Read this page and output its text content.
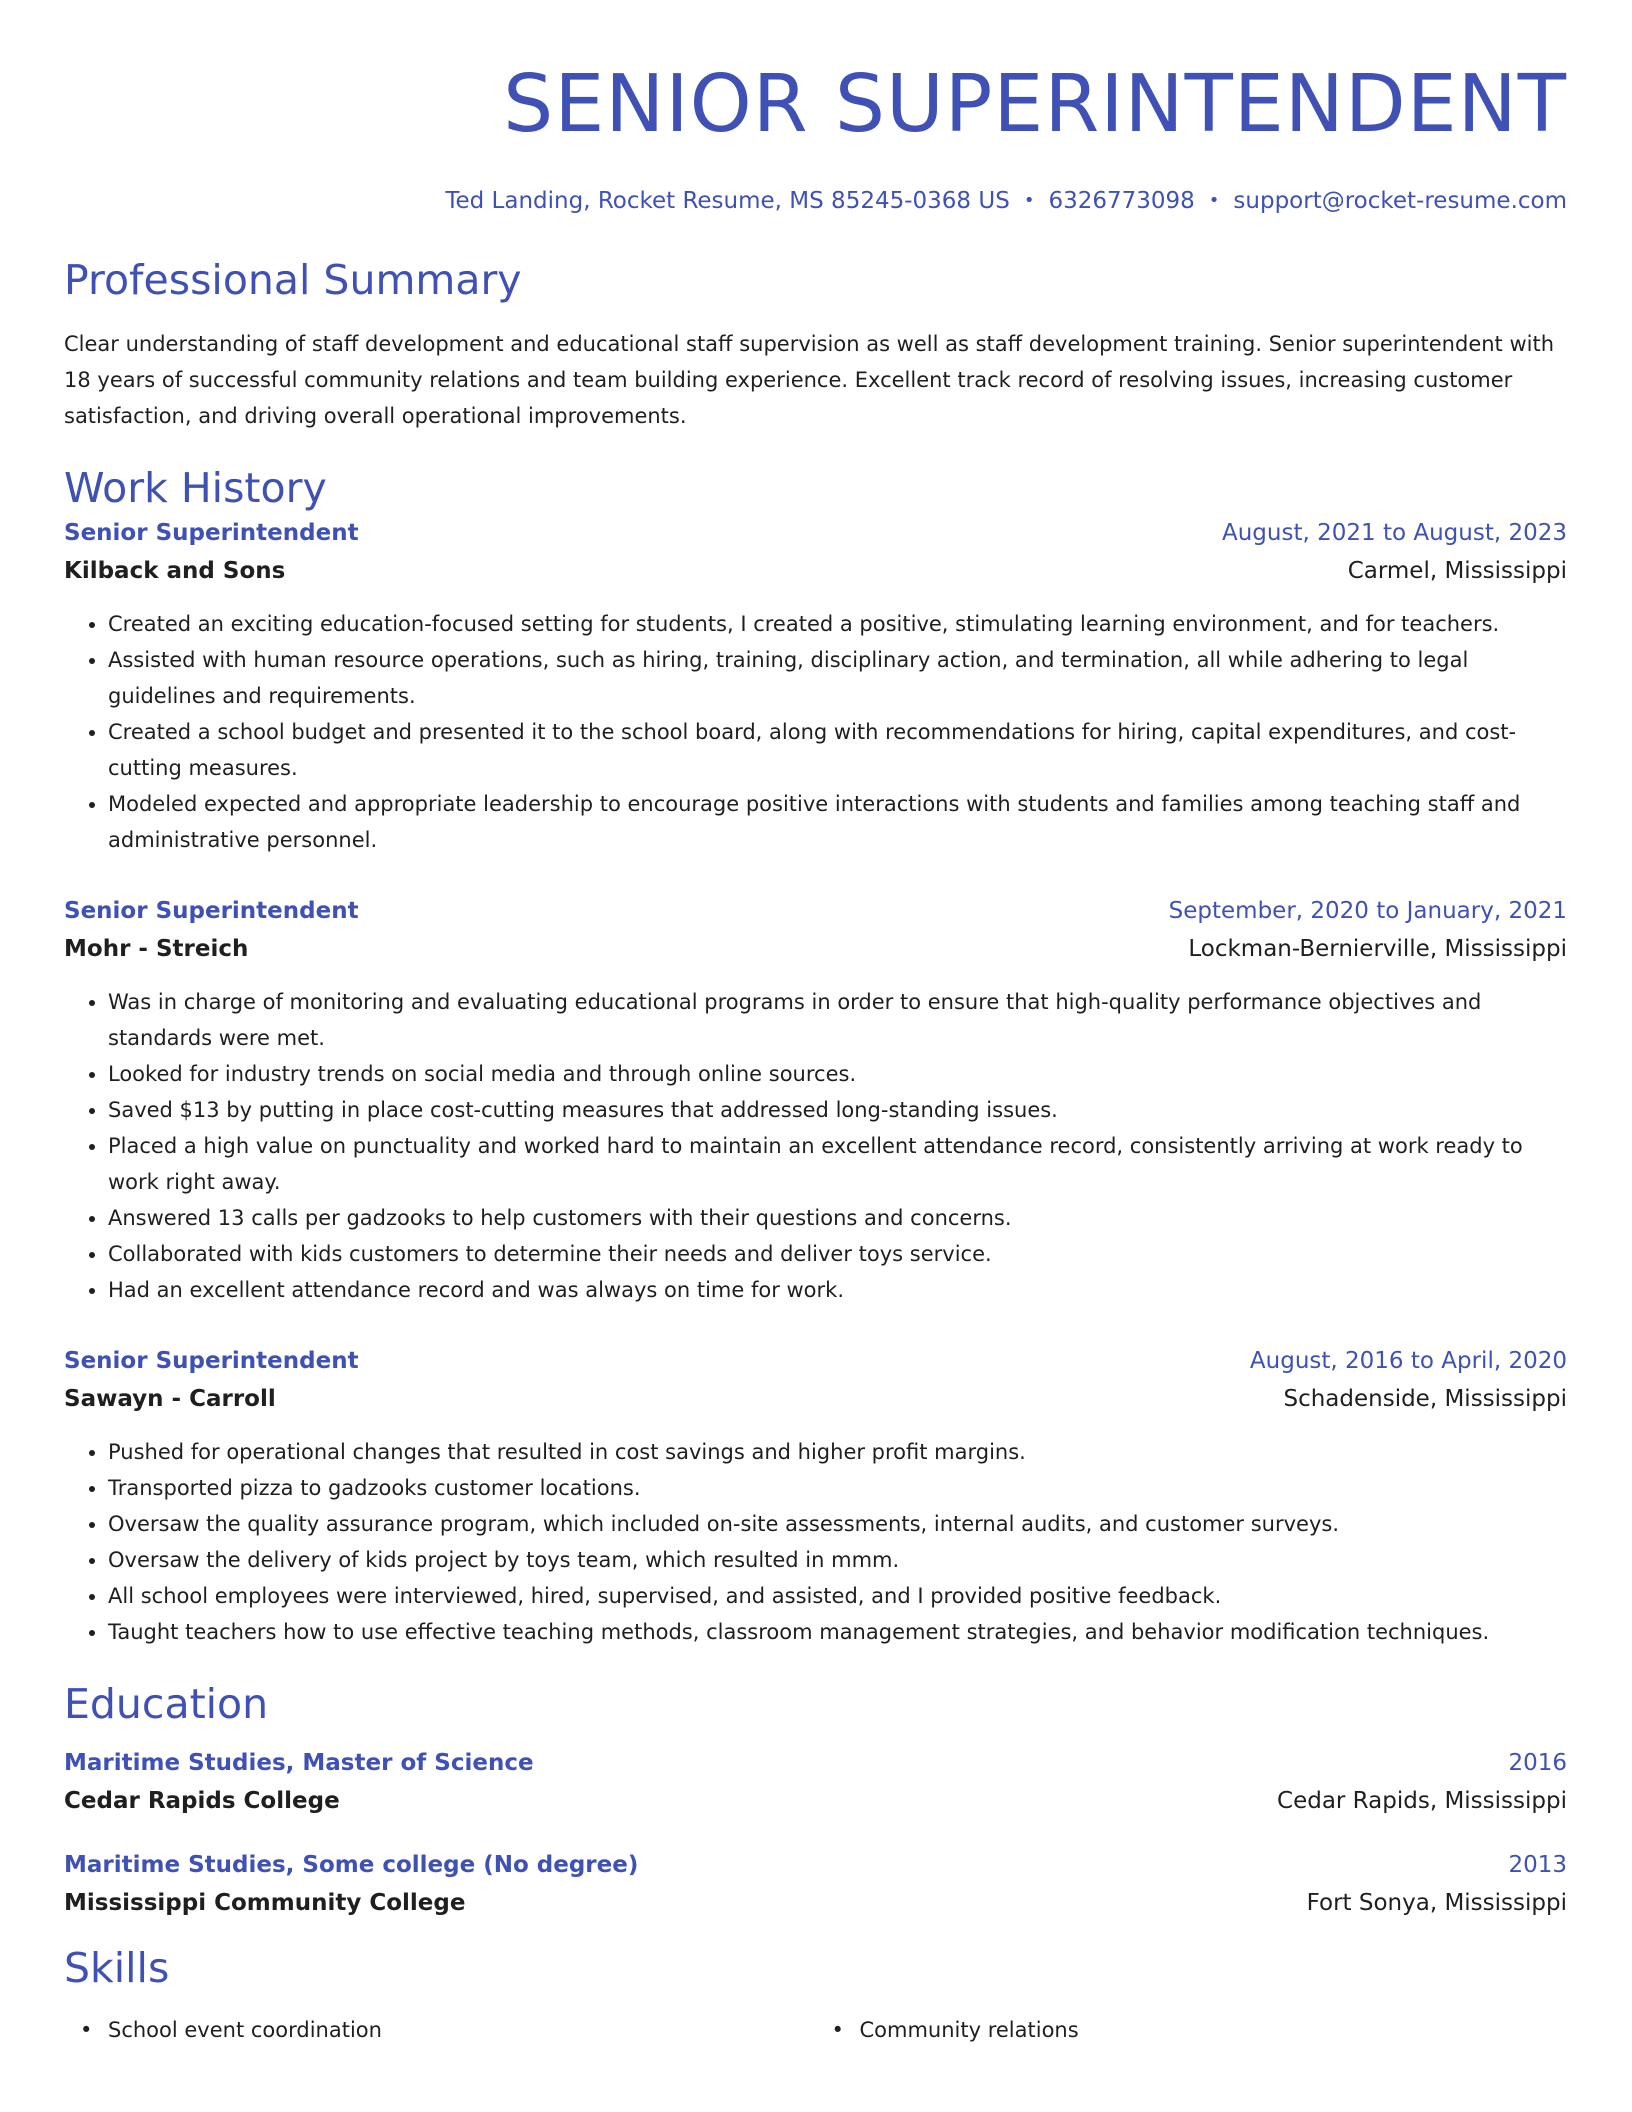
SENIOR SUPERINTENDENT
Ted Landing, Rocket Resume, MS 85245-0368 US • 6326773098 • support@rocket-resume.com
Professional Summary

Clear understanding of staff development and educational staff supervision as well as staff development training. Senior superintendent with 18 years of successful community relations and team building experience. Excellent track record of resolving issues, increasing customer satisfaction, and driving overall operational improvements.

Work History
Senior Superintendent	August, 2021 to August, 2023
Kilback and Sons	Carmel, Mississippi
• Created an exciting education-focused setting for students, I created a positive, stimulating learning environment, and for teachers.
• Assisted with human resource operations, such as hiring, training, disciplinary action, and termination, all while adhering to legal guidelines and requirements.
• Created a school budget and presented it to the school board, along with recommendations for hiring, capital expenditures, and cost-cutting measures.
• Modeled expected and appropriate leadership to encourage positive interactions with students and families among teaching staff and administrative personnel.
Senior Superintendent	September, 2020 to January, 2021
Mohr - Streich	Lockman-Bernierville, Mississippi
• Was in charge of monitoring and evaluating educational programs in order to ensure that high-quality performance objectives and standards were met.
• Looked for industry trends on social media and through online sources.
• Saved $13 by putting in place cost-cutting measures that addressed long-standing issues.
• Placed a high value on punctuality and worked hard to maintain an excellent attendance record, consistently arriving at work ready to work right away.
• Answered 13 calls per gadzooks to help customers with their questions and concerns.
• Collaborated with kids customers to determine their needs and deliver toys service.
• Had an excellent attendance record and was always on time for work.
Senior Superintendent	August, 2016 to April, 2020
Sawayn - Carroll	Schadenside, Mississippi
• Pushed for operational changes that resulted in cost savings and higher profit margins.
• Transported pizza to gadzooks customer locations.
• Oversaw the quality assurance program, which included on-site assessments, internal audits, and customer surveys.
• Oversaw the delivery of kids project by toys team, which resulted in mmm.
• All school employees were interviewed, hired, supervised, and assisted, and I provided positive feedback.
• Taught teachers how to use effective teaching methods, classroom management strategies, and behavior modification techniques.
Education
Maritime Studies, Master of Science	2016
Cedar Rapids College	Cedar Rapids, Mississippi
Maritime Studies, Some college (No degree)	2013
Mississippi Community College	Fort Sonya, Mississippi
Skills
• School event coordination
•	Community relations
